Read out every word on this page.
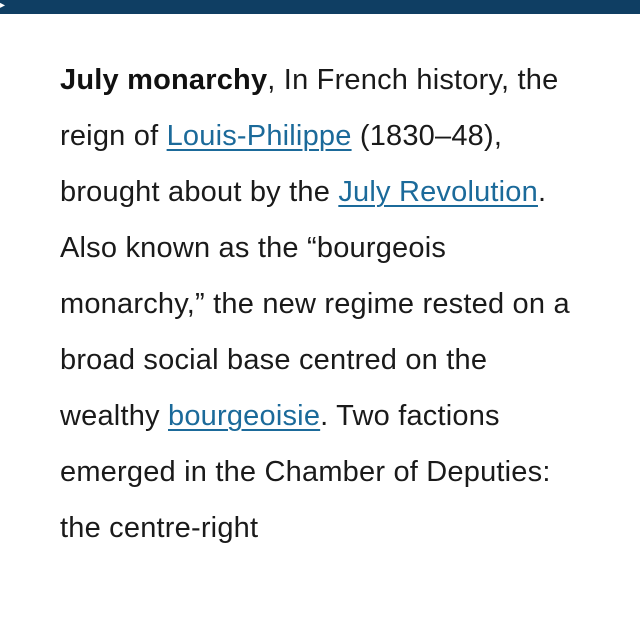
▸
July monarchy, In French history, the reign of Louis-Philippe (1830–48), brought about by the July Revolution. Also known as the “bourgeois monarchy,” the new regime rested on a broad social base centred on the wealthy bourgeoisie. Two factions emerged in the Chamber of Deputies: the centre-right
